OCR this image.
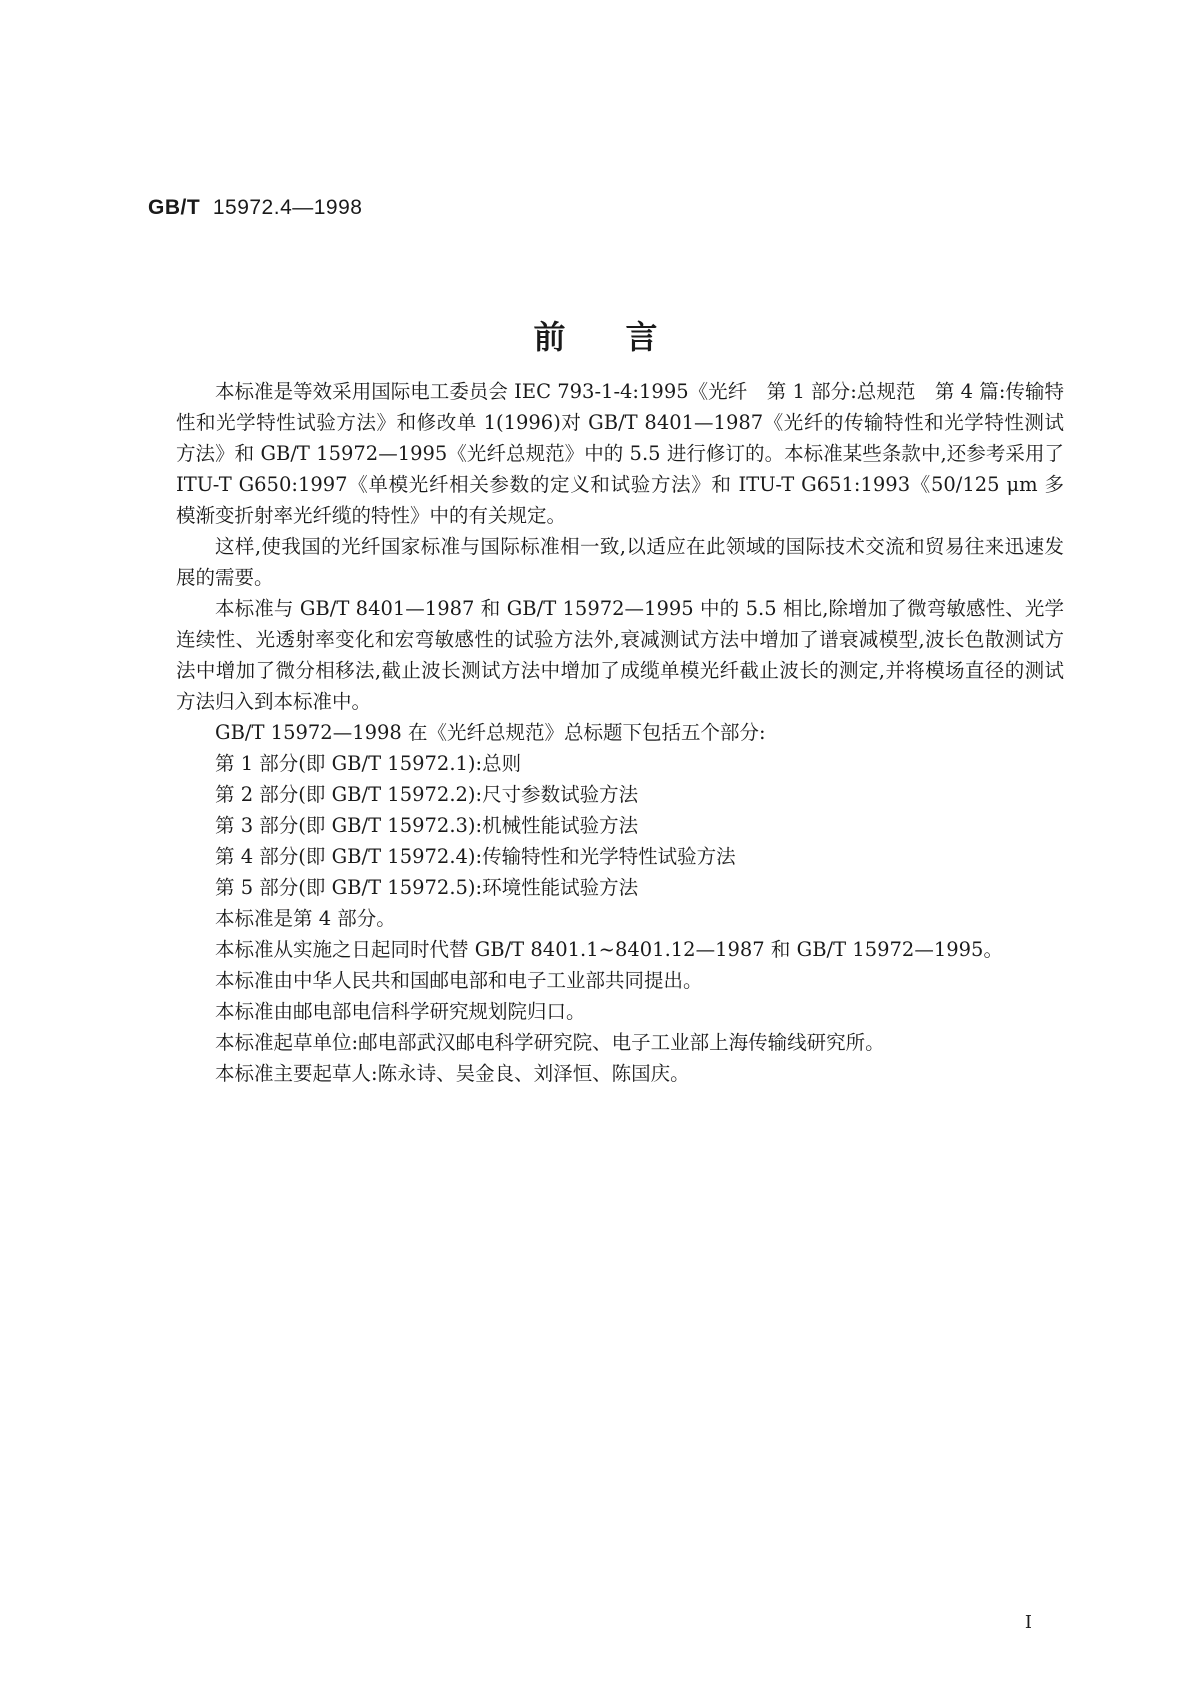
GB/T 15972.4—1998
前言

本标准是等效采用国际电工委员会 IEC 793-1-4:1995《光纤　第 1 部分:总规范　第 4 篇:传输特性和光学特性试验方法》和修改单 1(1996)对 GB/T 8401—1987《光纤的传输特性和光学特性测试方法》和 GB/T 15972—1995《光纤总规范》中的 5.5 进行修订的。本标准某些条款中,还参考采用了 ITU-T G650:1997《单模光纤相关参数的定义和试验方法》和 ITU-T G651:1993《50/125 μm 多模渐变折射率光纤缆的特性》中的有关规定。

这样,使我国的光纤国家标准与国际标准相一致,以适应在此领域的国际技术交流和贸易往来迅速发展的需要。

本标准与 GB/T 8401—1987 和 GB/T 15972—1995 中的 5.5 相比,除增加了微弯敏感性、光学连续性、光透射率变化和宏弯敏感性的试验方法外,衰减测试方法中增加了谱衰减模型,波长色散测试方法中增加了微分相移法,截止波长测试方法中增加了成缆单模光纤截止波长的测定,并将模场直径的测试方法归入到本标准中。

GB/T 15972—1998 在《光纤总规范》总标题下包括五个部分:

第 1 部分(即 GB/T 15972.1):总则

第 2 部分(即 GB/T 15972.2):尺寸参数试验方法

第 3 部分(即 GB/T 15972.3):机械性能试验方法

第 4 部分(即 GB/T 15972.4):传输特性和光学特性试验方法

第 5 部分(即 GB/T 15972.5):环境性能试验方法

本标准是第 4 部分。

本标准从实施之日起同时代替 GB/T 8401.1~8401.12—1987 和 GB/T 15972—1995。

本标准由中华人民共和国邮电部和电子工业部共同提出。

本标准由邮电部电信科学研究规划院归口。

本标准起草单位:邮电部武汉邮电科学研究院、电子工业部上海传输线研究所。

本标准主要起草人:陈永诗、吴金良、刘泽恒、陈国庆。

I
